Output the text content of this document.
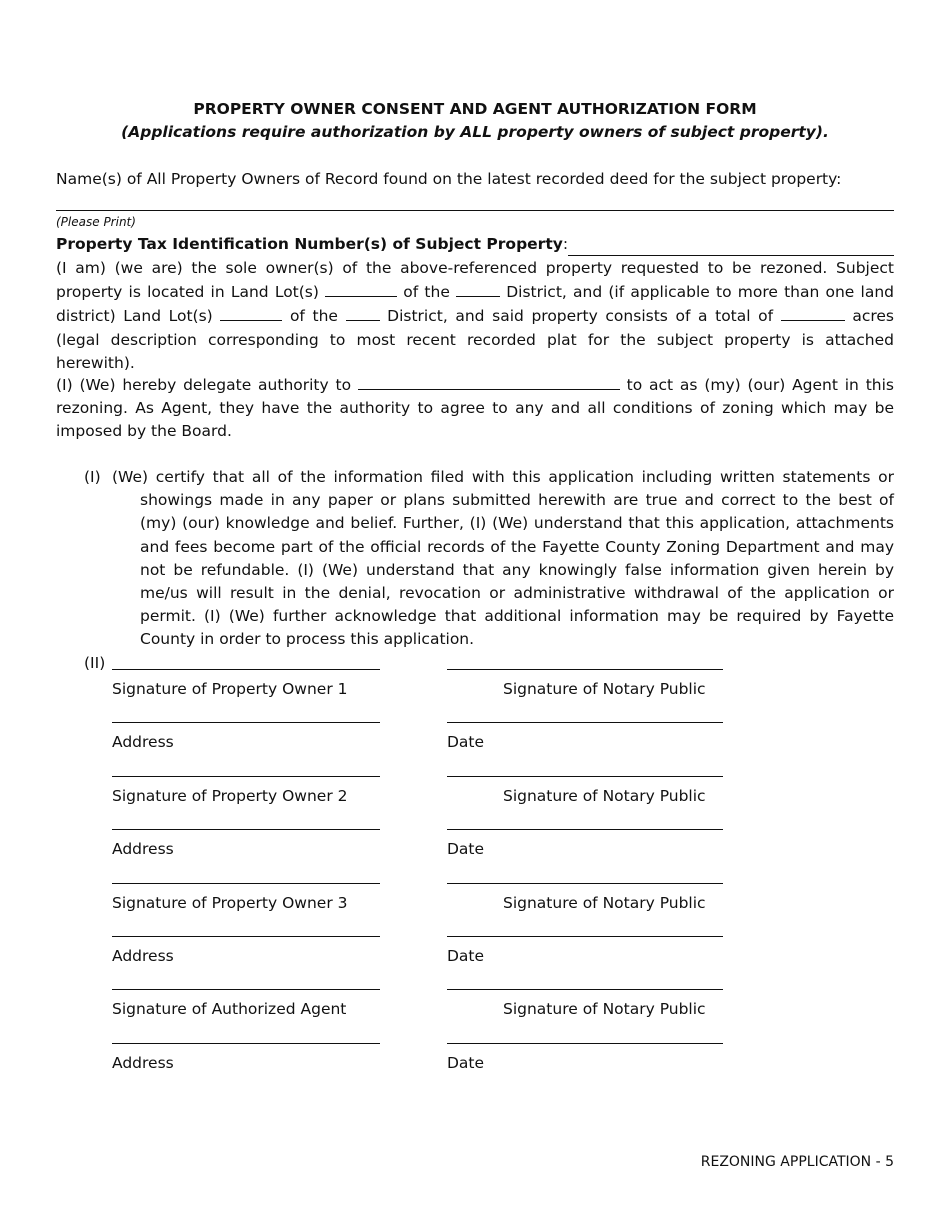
PROPERTY OWNER CONSENT AND AGENT AUTHORIZATION FORM
(Applications require authorization by ALL property owners of subject property).
Name(s) of All Property Owners of Record found on the latest recorded deed for the subject property:
(Please Print)
Property Tax Identification Number(s) of Subject Property :
(I am) (we are) the sole owner(s) of the above-referenced property requested to be rezoned. Subject property is located in Land Lot(s)	of the	District, and (if applicable to more than one land district) Land Lot(s)	of the  District, and said property consists of a total of	acres (legal description corresponding to most recent recorded plat for the subject property is attached herewith).
(I) (We) hereby delegate authority to	to act as (my) (our) Agent in this rezoning. As Agent, they have the authority to agree to any and all conditions of zoning which may be imposed by the Board.
(I) (We) certify that all of the information filed with this application including written statements or showings made in any paper or plans submitted herewith are true and correct to the best of (my) (our) knowledge and belief. Further, (I) (We) understand that this application, attachments and fees become part of the official records of the Fayette County Zoning Department and may not be refundable. (I) (We) understand that any knowingly false information given herein by me/us will result in the denial, revocation or administrative withdrawal of the application or permit. (I) (We) further acknowledge that additional information may be required by Fayette County in order to process this application.
(II)
Signature of Property Owner 1	Signature of Notary Public
Address	Date
Signature of Property Owner 2	Signature of Notary Public
Address	Date
Signature of Property Owner 3	Signature of Notary Public
Address	Date
Signature of Authorized Agent	Signature of Notary Public
Address	Date
REZONING APPLICATION - 5
